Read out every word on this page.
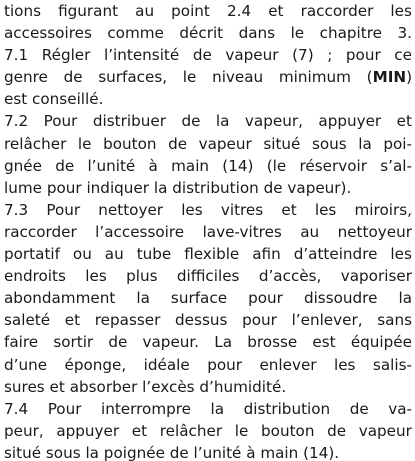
tions figurant au point 2.4 et raccorder les
accessoires comme décrit dans le chapitre 3.
7.1 Régler l’intensité de vapeur (7) ; pour ce
genre de surfaces, le niveau minimum (MIN)
est conseillé.
7.2 Pour distribuer de la vapeur, appuyer et
relâcher le bouton de vapeur situé sous la poi-
gnée de l’unité à main (14) (le réservoir s’al-
lume pour indiquer la distribution de vapeur).
7.3 Pour nettoyer les vitres et les miroirs,
raccorder l’accessoire lave-vitres au nettoyeur
portatif ou au tube flexible afin d’atteindre les
endroits les plus difficiles d’accès, vaporiser
abondamment la surface pour dissoudre la
saleté et repasser dessus pour l’enlever, sans
faire sortir de vapeur. La brosse est équipée
d’une éponge, idéale pour enlever les salis-
sures et absorber l’excès d’humidité.
7.4 Pour interrompre la distribution de va-
peur, appuyer et relâcher le bouton de vapeur
situé sous la poignée de l’unité à main (14).
